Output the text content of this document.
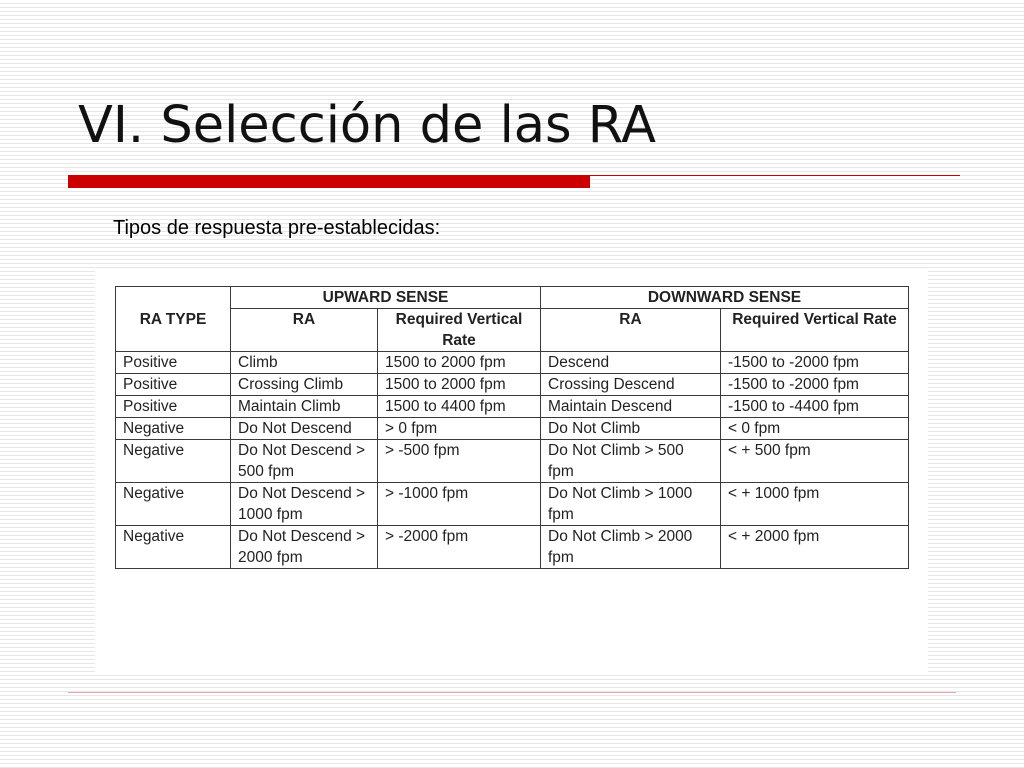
VI. Selección de las RA

Tipos de respuesta pre-establecidas:

RA TYPE	UPWARD SENSE		DOWNWARD SENSE	
	RA	Required Vertical Rate	RA	Required Vertical Rate
Positive	Climb	1500 to 2000 fpm	Descend	-1500 to -2000 fpm
Positive	Crossing Climb	1500 to 2000 fpm	Crossing Descend	-1500 to -2000 fpm
Positive	Maintain Climb	1500 to 4400 fpm	Maintain Descend	-1500 to -4400 fpm
Negative	Do Not Descend	> 0 fpm	Do Not Climb	< 0 fpm
Negative	Do Not Descend > 500 fpm	> -500 fpm	Do Not Climb > 500 fpm	< + 500 fpm
Negative	Do Not Descend > 1000 fpm	> -1000 fpm	Do Not Climb > 1000 fpm	< + 1000 fpm
Negative	Do Not Descend > 2000 fpm	> -2000 fpm	Do Not Climb > 2000 fpm	< + 2000 fpm
